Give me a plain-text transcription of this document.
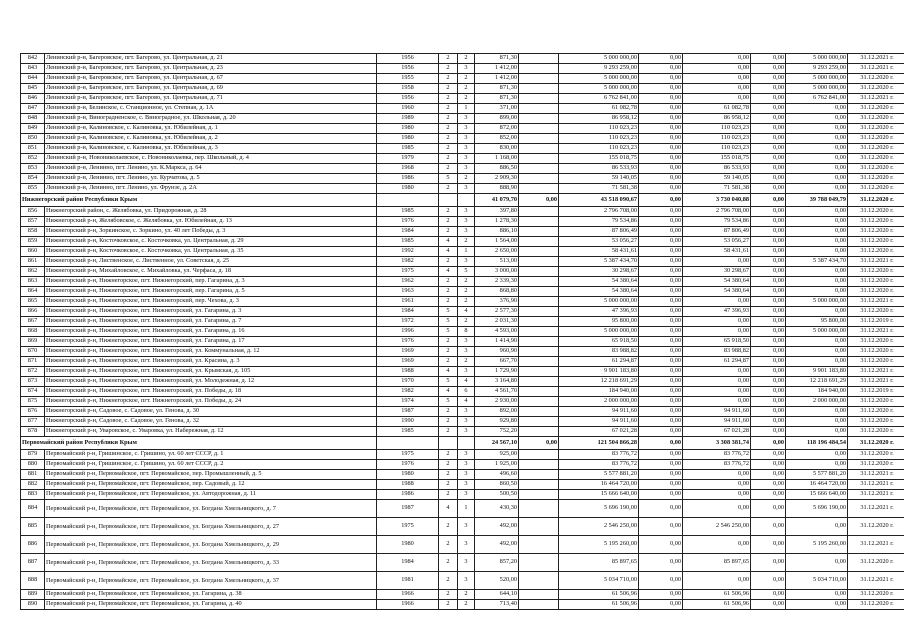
842	Ленинский р-н, Багеровское, пгт. Багерово, ул. Центральная, д. 21	1956	2	2	871,30		5 000 000,00	0,00	0,00	0,00	5 000 000,00	31.12.2021 г.
843	Ленинский р-н, Багеровское, пгт. Багерово, ул. Центральная, д. 23	1956	2	3	1 412,00		9 293 259,00	0,00	0,00	0,00	9 293 259,00	31.12.2021 г.
844	Ленинский р-н, Багеровское, пгт. Багерово, ул. Центральная, д. 67	1955	2	2	1 412,00		5 000 000,00	0,00	0,00	0,00	5 000 000,00	31.12.2020 г.
845	Ленинский р-н, Багеровское, пгт. Багерово, ул. Центральная, д. 69	1958	2	2	871,30		5 000 000,00	0,00	0,00	0,00	5 000 000,00	31.12.2020 г.
846	Ленинский р-н, Багеровское, пгт. Багерово, ул. Центральная, д. 71	1956	2	2	871,30		6 762 841,00	0,00	0,00	0,00	6 762 841,00	31.12.2021 г.
847	Ленинский р-н, Белинское, с. Станционное, ул. Степная, д. 1А	1960	2	1	371,00		61 082,78	0,00	61 082,78	0,00	0,00	31.12.2020 г.
848	Ленинский р-н, Виноградненское, с. Виноградное, ул. Школьная, д. 20	1989	2	3	899,00		86 958,12	0,00	86 958,12	0,00	0,00	31.12.2020 г.
849	Ленинский р-н, Калиновское, с. Калиновка, ул. Юбилейная, д. 1	1980	2	3	872,00		110 023,23	0,00	110 023,23	0,00	0,00	31.12.2020 г.
850	Ленинский р-н, Калиновское, с. Калиновка, ул. Юбилейная, д. 2	1980	2	3	852,00		110 023,23	0,00	110 023,23	0,00	0,00	31.12.2020 г.
851	Ленинский р-н, Калиновское, с. Калиновка, ул. Юбилейная, д. 3	1985	2	3	830,00		110 023,23	0,00	110 023,23	0,00	0,00	31.12.2020 г.
852	Ленинский р-н, Новониколаевское, с. Новониколаевка, пер. Школьный, д. 4	1979	2	3	1 168,00		155 018,75	0,00	155 018,75	0,00	0,00	31.12.2020 г.
853	Ленинский р-н, Ленинно, пгт. Ленино, ул. К.Маркса, д. 64	1968	2	3	886,50		86 533,93	0,00	86 533,93	0,00	0,00	31.12.2020 г.
854	Ленинский р-н, Ленинно, пгт. Ленино, ул. Курчатова, д. 5	1986	5	2	2 909,30		59 140,05	0,00	59 140,05	0,00	0,00	31.12.2020 г.
855	Ленинский р-н, Ленинно, пгт. Ленино, ул. Фрунзе, д. 2А	1980	2	3	888,90		71 581,38	0,00	71 581,38	0,00	0,00	31.12.2020 г.
Нижнегорский район Республики Крым					41 079,70	0,00	43 518 090,67	0,00	3 730 040,88	0,00	39 788 049,79	31.12.2020 г.
856	Нижнегорский район, с. Желябовка, ул. Придорожная, д. 28	1985	2	3	397,80		2 796 708,00	0,00	2 796 708,00	0,00	0,00	31.12.2020 г.
857	Нижнегорский р-н, Желябовское, с. Желябовка, ул. Юбилейная, д. 13	1976	2	3	1 278,30		79 534,86	0,00	79 534,86	0,00	0,00	31.12.2020 г.
858	Нижнегорский р-н, Зоркинское, с. Зоркино, ул. 40 лет Победы, д. 3	1984	2	3	886,10		87 806,49	0,00	87 806,49	0,00	0,00	31.12.2020 г.
859	Нижнегорский р-н, Косточковское, с. Косточковка, ул. Центральная, д. 29	1985	4	2	1 564,00		53 056,27	0,00	53 056,27	0,00	0,00	31.12.2020 г.
860	Нижнегорский р-н, Косточковское, с. Косточковка, ул. Центральная, д. 35	1992	4	1	2 650,00		58 431,61	0,00	58 431,61	0,00	0,00	31.12.2020 г.
861	Нижнегорский р-н, Лиственское, с. Лиственное, ул. Советская, д. 25	1982	2	3	513,00		5 387 434,70	0,00	0,00	0,00	5 387 434,70	31.12.2021 г.
862	Нижнегорский р-н, Михайловское, с. Михайловка, ул. Черфаса, д. 18	1975	4	5	3 000,00		30 298,67	0,00	30 298,67	0,00	0,00	31.12.2020 г.
863	Нижнегорский р-н, Нижнегорское, пгт. Нижнегорский, пер. Гагарина, д. 3	1962	2	2	2 339,30		54 380,64	0,00	54 380,64	0,00	0,00	31.12.2020 г.
864	Нижнегорский р-н, Нижнегорское, пгт. Нижнегорский, пер. Гагарина, д. 5	1963	2	2	868,80		54 380,64	0,00	54 380,64	0,00	0,00	31.12.2020 г.
865	Нижнегорский р-н, Нижнегорское, пгт. Нижнегорский, пер. Чехова, д. 3	1961	2	2	376,90		5 000 000,00	0,00	0,00	0,00	5 000 000,00	31.12.2021 г.
866	Нижнегорский р-н, Нижнегорское, пгт. Нижнегорский, ул. Гагарина, д. 3	1984	5	4	2 577,30		47 396,93	0,00	47 396,93	0,00	0,00	31.12.2020 г.
867	Нижнегорский р-н, Нижнегорское, пгт. Нижнегорский, ул. Гагарина, д. 7	1972	5	2	2 031,30		95 800,00	0,00	0,00	0,00	95 800,00	31.12.2019 г.
868	Нижнегорский р-н, Нижнегорское, пгт. Нижнегорский, ул. Гагарина, д. 16	1996	5	8	4 593,00		5 000 000,00	0,00	0,00	0,00	5 000 000,00	31.12.2021 г.
869	Нижнегорский р-н, Нижнегорское, пгт. Нижнегорский, ул. Гагарина, д. 17	1976	2	3	1 414,90		65 918,50	0,00	65 918,50	0,00	0,00	31.12.2020 г.
870	Нижнегорский р-н, Нижнегорское, пгт. Нижнегорский, ул. Коммунальная, д. 12	1969	2	3	960,90		83 988,82	0,00	83 988,82	0,00	0,00	31.12.2020 г.
871	Нижнегорский р-н, Нижнегорское, пгт. Нижнегорский, ул. Красина, д. 3	1969	2	2	667,70		61 294,87	0,00	61 294,87	0,00	0,00	31.12.2020 г.
872	Нижнегорский р-н, Нижнегорское, пгт. Нижнегорский, ул. Крымская, д. 105	1988	4	3	1 729,90		9 901 183,80	0,00	0,00	0,00	9 901 183,80	31.12.2021 г.
873	Нижнегорский р-н, Нижнегорское, пгт. Нижнегорский, ул. Молодежная, д. 12	1970	5	4	3 164,80		12 218 691,29	0,00	0,00	0,00	12 218 691,29	31.12.2021 г.
874	Нижнегорский р-н, Нижнегорское, пгт. Нижнегорский, ул. Победы, д. 18	1982	4	6	4 561,70		184 940,00	0,00	0,00	0,00	184 940,00	31.12.2019 г.
875	Нижнегорский р-н, Нижнегорское, пгт. Нижнегорский, ул. Победы, д. 24	1974	5	4	2 930,00		2 000 000,00	0,00	0,00	0,00	2 000 000,00	31.12.2020 г.
876	Нижнегорский р-н, Садовое, с. Садовое, ул. Генова, д. 30	1987	2	3	892,00		94 911,60	0,00	94 911,60	0,00	0,00	31.12.2020 г.
877	Нижнегорский р-н, Садовое, с. Садовое, ул. Генова, д. 32	1990	2	3	929,80		94 911,60	0,00	94 911,60	0,00	0,00	31.12.2020 г.
878	Нижнегорский р-н, Уваровское, с. Уваровка, ул. Набережная, д. 12	1985	2	3	752,20		67 021,28	0,00	67 021,28	0,00	0,00	31.12.2020 г.
Первомайский район Республики Крым					24 567,10	0,00	121 504 866,28	0,00	3 308 381,74	0,00	118 196 484,54	31.12.2020 г.
879	Первомайский р-н, Гришинское, с. Гришино, ул. 60 лет СССР, д. 1	1975	2	3	925,00		83 776,72	0,00	83 776,72	0,00	0,00	31.12.2020 г.
880	Первомайский р-н, Гришинское, с. Гришино, ул. 60 лет СССР, д. 2	1976	2	3	1 925,00		83 776,72	0,00	83 776,72	0,00	0,00	31.12.2020 г.
881	Первомайский р-н, Первомайское, пгт. Первомайское, пер. Промышленный, д. 5	1980	2	3	496,60		5 577 881,20	0,00	0,00	0,00	5 577 881,20	31.12.2021 г.
882	Первомайский р-н, Первомайское, пгт. Первомайское, пер. Садовый, д. 12	1988	2	3	860,50		16 464 720,00	0,00	0,00	0,00	16 464 720,00	31.12.2021 г.
883	Первомайский р-н, Первомайское, пгт. Первомайское, ул. Автодорожная, д. 11	1986	2	3	500,50		15 666 640,00	0,00	0,00	0,00	15 666 640,00	31.12.2021 г.
884	Первомайский р-н, Первомайское, пгт. Первомайское, ул. Богдана Хмельницкого, д. 7	1987	4	1	430,30		5 696 190,00	0,00	0,00	0,00	5 696 190,00	31.12.2021 г.
885	Первомайский р-н, Первомайское, пгт. Первомайское, ул. Богдана Хмельницкого, д. 27	1975	2	3	492,00		2 546 250,00	0,00	2 546 250,00	0,00	0,00	31.12.2020 г.
886	Первомайский р-н, Первомайское, пгт. Первомайское, ул. Богдана Хмельницкого, д. 29	1980	2	3	492,00		5 195 260,00	0,00	0,00	0,00	5 195 260,00	31.12.2021 г.
887	Первомайский р-н, Первомайское, пгт. Первомайское, ул. Богдана Хмельницкого, д. 33	1984	2	3	857,20		85 897,65	0,00	85 897,65	0,00	0,00	31.12.2020 г.
888	Первомайский р-н, Первомайское, пгт. Первомайское, ул. Богдана Хмельницкого, д. 37	1981	2	3	520,00		5 034 710,00	0,00	0,00	0,00	5 034 710,00	31.12.2021 г.
889	Первомайский р-н, Первомайское, пгт. Первомайское, ул. Гагарина, д. 38	1966	2	2	644,10		61 506,96	0,00	61 506,96	0,00	0,00	31.12.2020 г.
890	Первомайский р-н, Первомайское, пгт. Первомайское, ул. Гагарина, д. 40	1966	2	2	713,40		61 506,96	0,00	61 506,96	0,00	0,00	31.12.2020 г.
